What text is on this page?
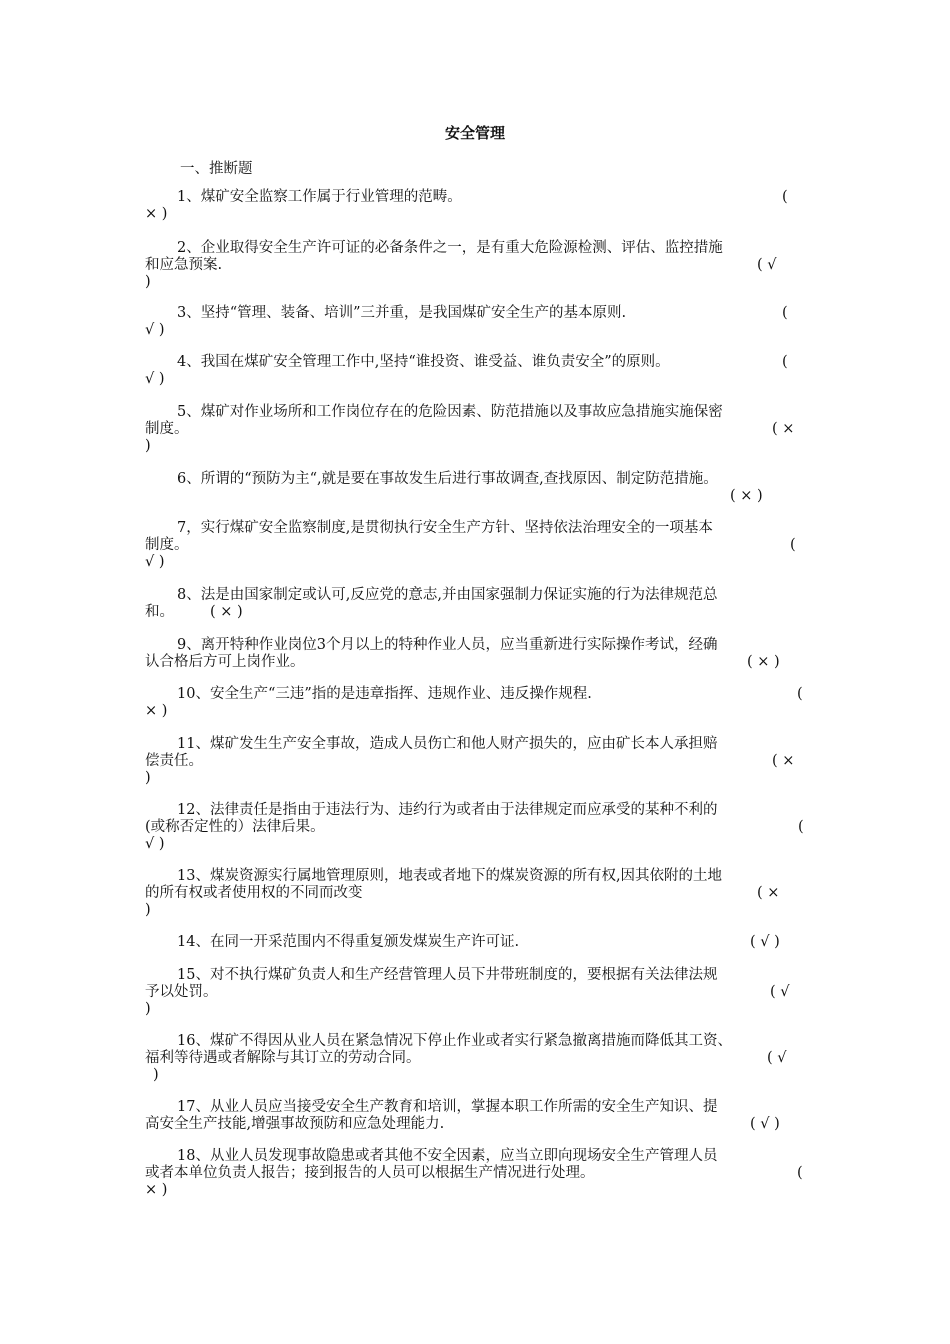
安全管理
一、推断题
1、煤矿安全监察工作属于行业管理的范畴。	(
× )
2、企业取得安全生产许可证的必备条件之一，是有重大危险源检测、评估、监控措施
和应急预案.	( √
)
3、坚持“管理、装备、培训”三并重，是我国煤矿安全生产的基本原则.	(
√ )
4、我国在煤矿安全管理工作中,坚持“谁投资、谁受益、谁负责安全”的原则。	(
√ )
5、煤矿对作业场所和工作岗位存在的危险因素、防范措施以及事故应急措施实施保密
制度。	( ×
)
6、所谓的“预防为主“,就是要在事故发生后进行事故调查,查找原因、制定防范措施。
( × )
7，实行煤矿安全监察制度,是贯彻执行安全生产方针、坚持依法治理安全的一项基本
制度。	(
√ )
8、法是由国家制定或认可,反应党的意志,并由国家强制力保证实施的行为法律规范总
和。	( × )
9、离开特种作业岗位3个月以上的特种作业人员，应当重新进行实际操作考试，经确
认合格后方可上岗作业。	( × )
10、安全生产“三违”指的是违章指挥、违规作业、违反操作规程.	(
× )
11、煤矿发生生产安全事故，造成人员伤亡和他人财产损失的，应由矿长本人承担赔
偿责任。	( ×
)
12、法律责任是指由于违法行为、违约行为或者由于法律规定而应承受的某种不利的
(或称否定性的）法律后果。	(
√ )
13、煤炭资源实行属地管理原则，地表或者地下的煤炭资源的所有权,因其依附的土地
的所有权或者使用权的不同而改变	( ×
)
14、在同一开采范围内不得重复颁发煤炭生产许可证.	( √ )
15、对不执行煤矿负责人和生产经营管理人员下井带班制度的，要根据有关法律法规
予以处罚。	( √
)
16、煤矿不得因从业人员在紧急情况下停止作业或者实行紧急撤离措施而降低其工资、
福利等待遇或者解除与其订立的劳动合同。	( √
)
17、从业人员应当接受安全生产教育和培训，掌握本职工作所需的安全生产知识、提
高安全生产技能,增强事故预防和应急处理能力.	( √ )
18、从业人员发现事故隐患或者其他不安全因素，应当立即向现场安全生产管理人员
或者本单位负责人报告；接到报告的人员可以根据生产情况进行处理。	(
× )
